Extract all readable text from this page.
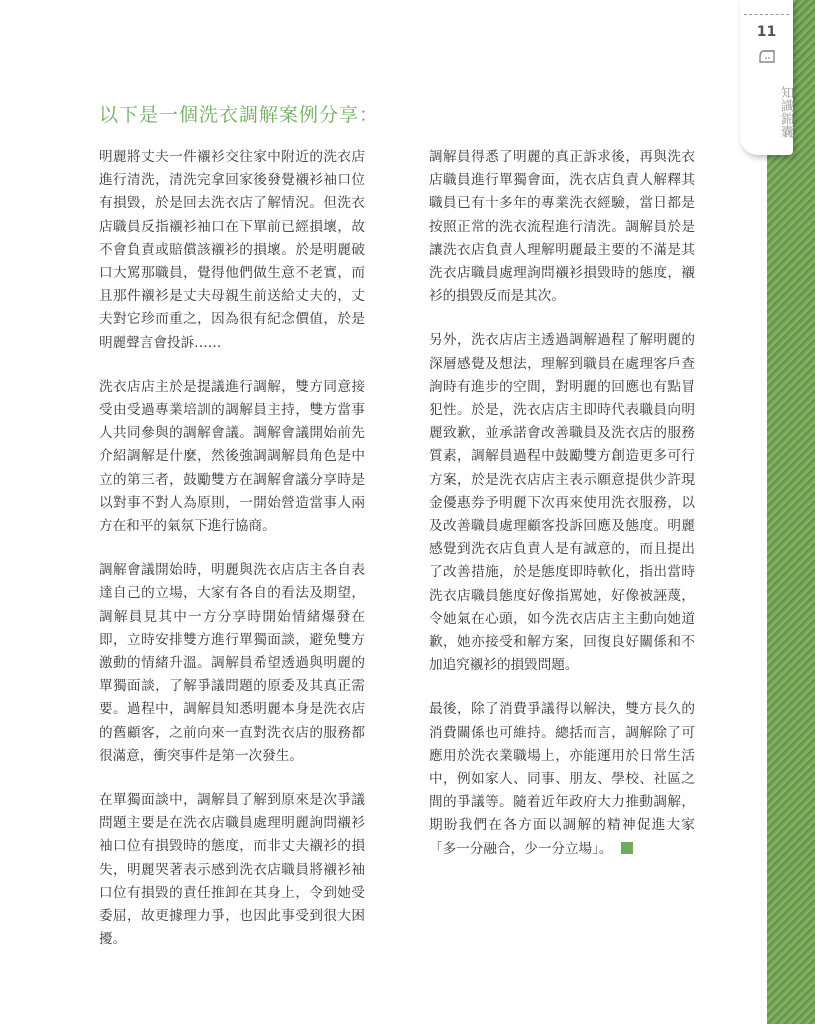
11
知識錦囊
以下是一個洗衣調解案例分享：

明麗將丈夫一件襯衫交往家中附近的洗衣店進行清洗，清洗完拿回家後發覺襯衫袖口位有損毀，於是回去洗衣店了解情況。但洗衣店職員反指襯衫袖口在下單前已經損壞，故不會負責或賠償該襯衫的損壞。於是明麗破口大罵那職員，覺得他們做生意不老實，而且那件襯衫是丈夫母親生前送給丈夫的，丈夫對它珍而重之，因為很有紀念價值，於是明麗聲言會投訴……

洗衣店店主於是提議進行調解，雙方同意接受由受過專業培訓的調解員主持，雙方當事人共同參與的調解會議。調解會議開始前先介紹調解是什麼，然後強調調解員角色是中立的第三者，鼓勵雙方在調解會議分享時是以對事不對人為原則，一開始營造當事人兩方在和平的氣氛下進行協商。

調解會議開始時，明麗與洗衣店店主各自表達自己的立場，大家有各自的看法及期望，調解員見其中一方分享時開始情緒爆發在即，立時安排雙方進行單獨面談，避免雙方激動的情緒升溫。調解員希望透過與明麗的單獨面談，了解爭議問題的原委及其真正需要。過程中，調解員知悉明麗本身是洗衣店的舊顧客，之前向來一直對洗衣店的服務都很滿意，衝突事件是第一次發生。

在單獨面談中，調解員了解到原來是次爭議問題主要是在洗衣店職員處理明麗詢問襯衫袖口位有損毀時的態度，而非丈夫襯衫的損失，明麗哭著表示感到洗衣店職員將襯衫袖口位有損毀的責任推卸在其身上，令到她受委屈，故更據理力爭，也因此事受到很大困擾。

調解員得悉了明麗的真正訴求後，再與洗衣店職員進行單獨會面，洗衣店負責人解釋其職員已有十多年的專業洗衣經驗，當日都是按照正常的洗衣流程進行清洗。調解員於是讓洗衣店負責人理解明麗最主要的不滿是其洗衣店職員處理詢問襯衫損毀時的態度，襯衫的損毀反而是其次。

另外，洗衣店店主透過調解過程了解明麗的深層感覺及想法，理解到職員在處理客戶查詢時有進步的空間，對明麗的回應也有點冒犯性。於是，洗衣店店主即時代表職員向明麗致歉，並承諾會改善職員及洗衣店的服務質素，調解員過程中鼓勵雙方創造更多可行方案，於是洗衣店店主表示願意提供少許現金優惠券予明麗下次再來使用洗衣服務，以及改善職員處理顧客投訴回應及態度。明麗感覺到洗衣店負責人是有誠意的，而且提出了改善措施，於是態度即時軟化，指出當時洗衣店職員態度好像指罵她，好像被誣蔑，令她氣在心頭，如今洗衣店店主主動向她道歉，她亦接受和解方案，回復良好關係和不加追究襯衫的損毀問題。

最後，除了消費爭議得以解決，雙方長久的消費關係也可維持。總括而言，調解除了可應用於洗衣業職場上，亦能運用於日常生活中，例如家人、同事、朋友、學校、社區之間的爭議等。隨着近年政府大力推動調解，期盼我們在各方面以調解的精神促進大家「多一分融合，少一分立場」。
